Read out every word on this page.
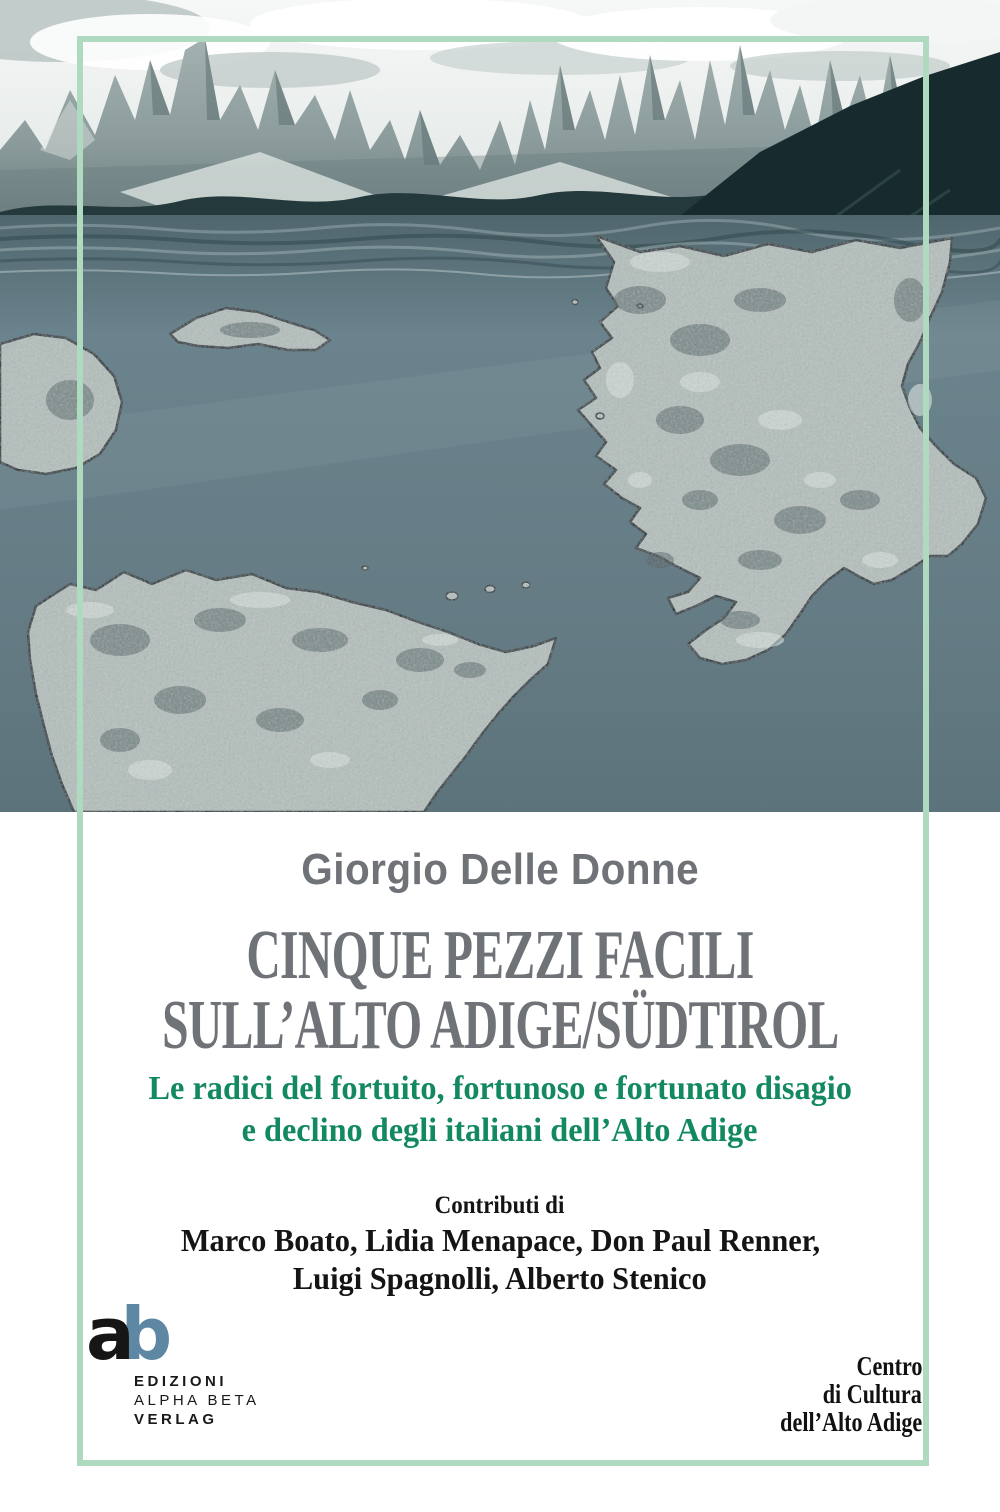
Giorgio Delle Donne
CINQUE PEZZI FACILI
SULL’ALTO ADIGE/SÜDTIROL
Le radici del fortuito, fortunoso e fortunato disagio
e declino degli italiani dell’Alto Adige
Contributi di
Marco Boato, Lidia Menapace, Don Paul Renner,
Luigi Spagnolli, Alberto Stenico
ab
EDIZIONI
ALPHA BETA
VERLAG
Centro
di Cultura
dell’Alto Adige
